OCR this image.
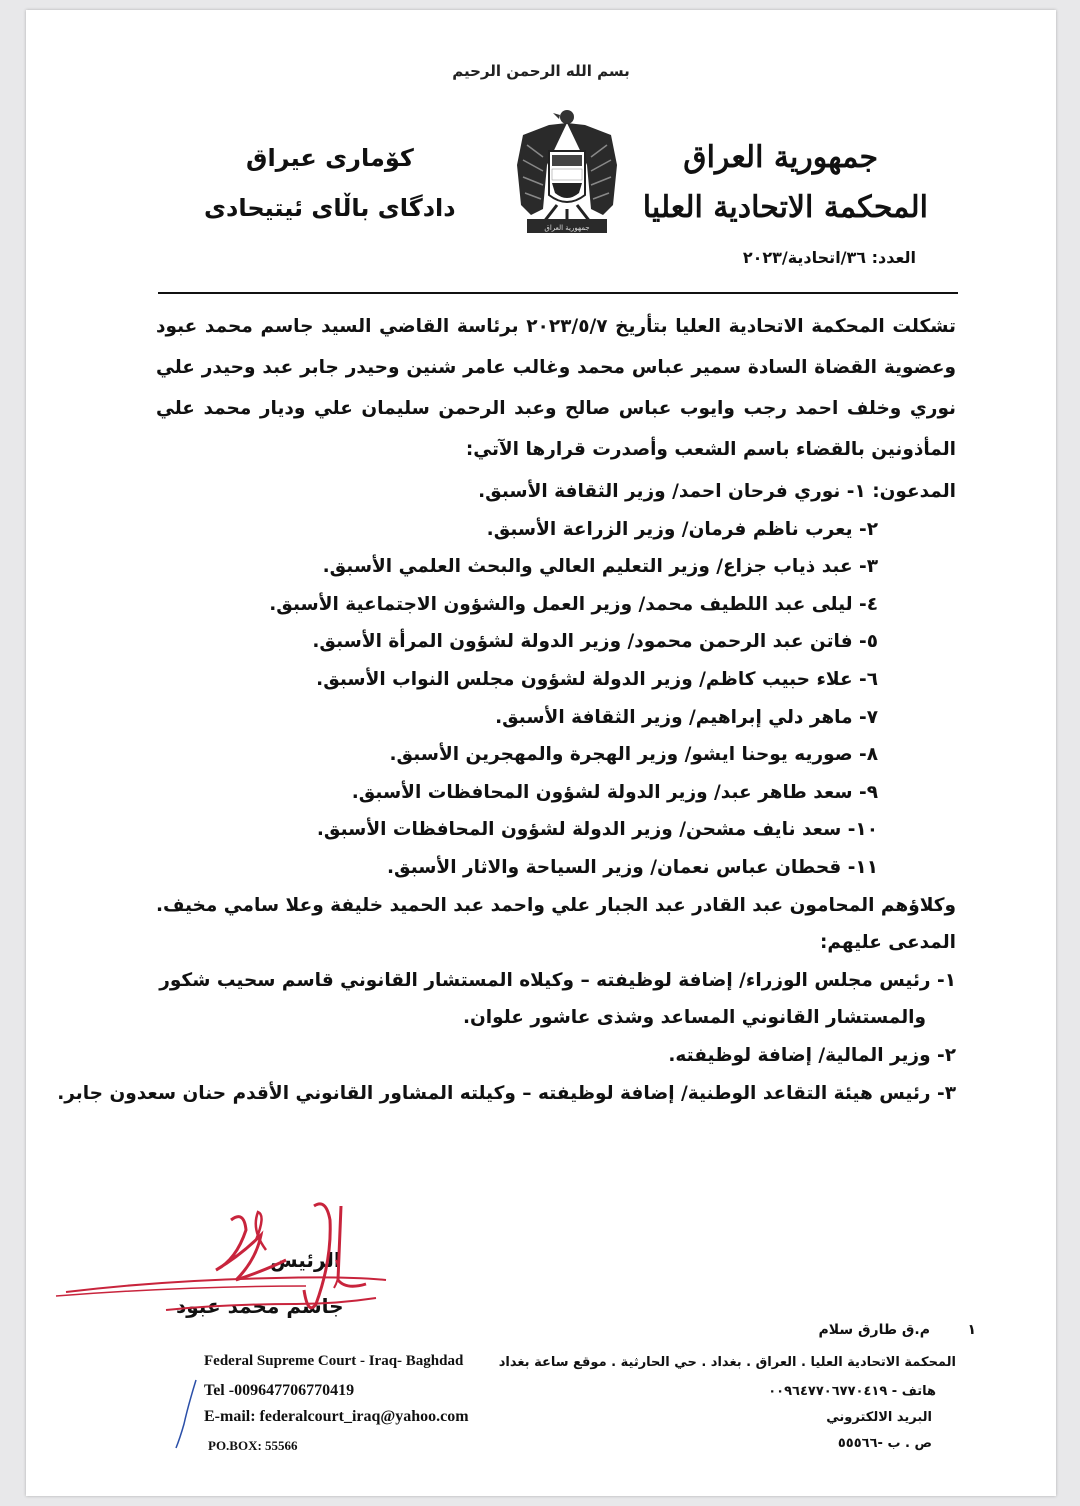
بسم الله الرحمن الرحيم
جمهورية العراق
المحكمة الاتحادية العليا
العدد: ٣٦/اتحادية/٢٠٢٣
كۆمارى عيراق
دادگای باڵای ئیتیحادی
جمهورية العراق
تشكلت المحكمة الاتحادية العليا بتأريخ ٢٠٢٣/٥/٧ برئاسة القاضي السيد جاسم محمد عبود وعضوية القضاة السادة سمير عباس محمد وغالب عامر شنين وحيدر جابر عبد وحيدر علي نوري وخلف احمد رجب وايوب عباس صالح وعبد الرحمن سليمان علي وديار محمد علي المأذونين بالقضاء باسم الشعب وأصدرت قرارها الآتي:
المدعون: ١- نوري فرحان احمد/ وزير الثقافة الأسبق.
٢- يعرب ناظم فرمان/ وزير الزراعة الأسبق.
٣- عبد ذياب جزاع/ وزير التعليم العالي والبحث العلمي الأسبق.
٤- ليلى عبد اللطيف محمد/ وزير العمل والشؤون الاجتماعية الأسبق.
٥- فاتن عبد الرحمن محمود/ وزير الدولة لشؤون المرأة الأسبق.
٦- علاء حبيب كاظم/ وزير الدولة لشؤون مجلس النواب الأسبق.
٧- ماهر دلي إبراهيم/ وزير الثقافة الأسبق.
٨- صوريه يوحنا ايشو/ وزير الهجرة والمهجرين الأسبق.
٩- سعد طاهر عبد/ وزير الدولة لشؤون المحافظات الأسبق.
١٠- سعد نايف مشحن/ وزير الدولة لشؤون المحافظات الأسبق.
١١- قحطان عباس نعمان/ وزير السياحة والاثار الأسبق.
وكلاؤهم المحامون عبد القادر عبد الجبار علي واحمد عبد الحميد خليفة وعلا سامي مخيف.
المدعى عليهم:
١- رئيس مجلس الوزراء/ إضافة لوظيفته – وكيلاه المستشار القانوني قاسم سحيب شكور
والمستشار القانوني المساعد وشذى عاشور علوان.
٢- وزير المالية/ إضافة لوظيفته.
٣- رئيس هيئة التقاعد الوطنية/ إضافة لوظيفته – وكيلته المشاور القانوني الأقدم حنان سعدون جابر.
الرئيس
جاسم محمد عبود
١
م.ق طارق سلام
Federal Supreme Court - Iraq- Baghdad
Tel -009647706770419
E-mail: federalcourt_iraq@yahoo.com
PO.BOX: 55566
المحكمة الاتحادية العليا . العراق . بغداد . حي الحارثية . موقع ساعة بغداد
هاتف - ٠٠٩٦٤٧٧٠٦٧٧٠٤١٩
البريد الالكتروني
ص . ب -٥٥٥٦٦
